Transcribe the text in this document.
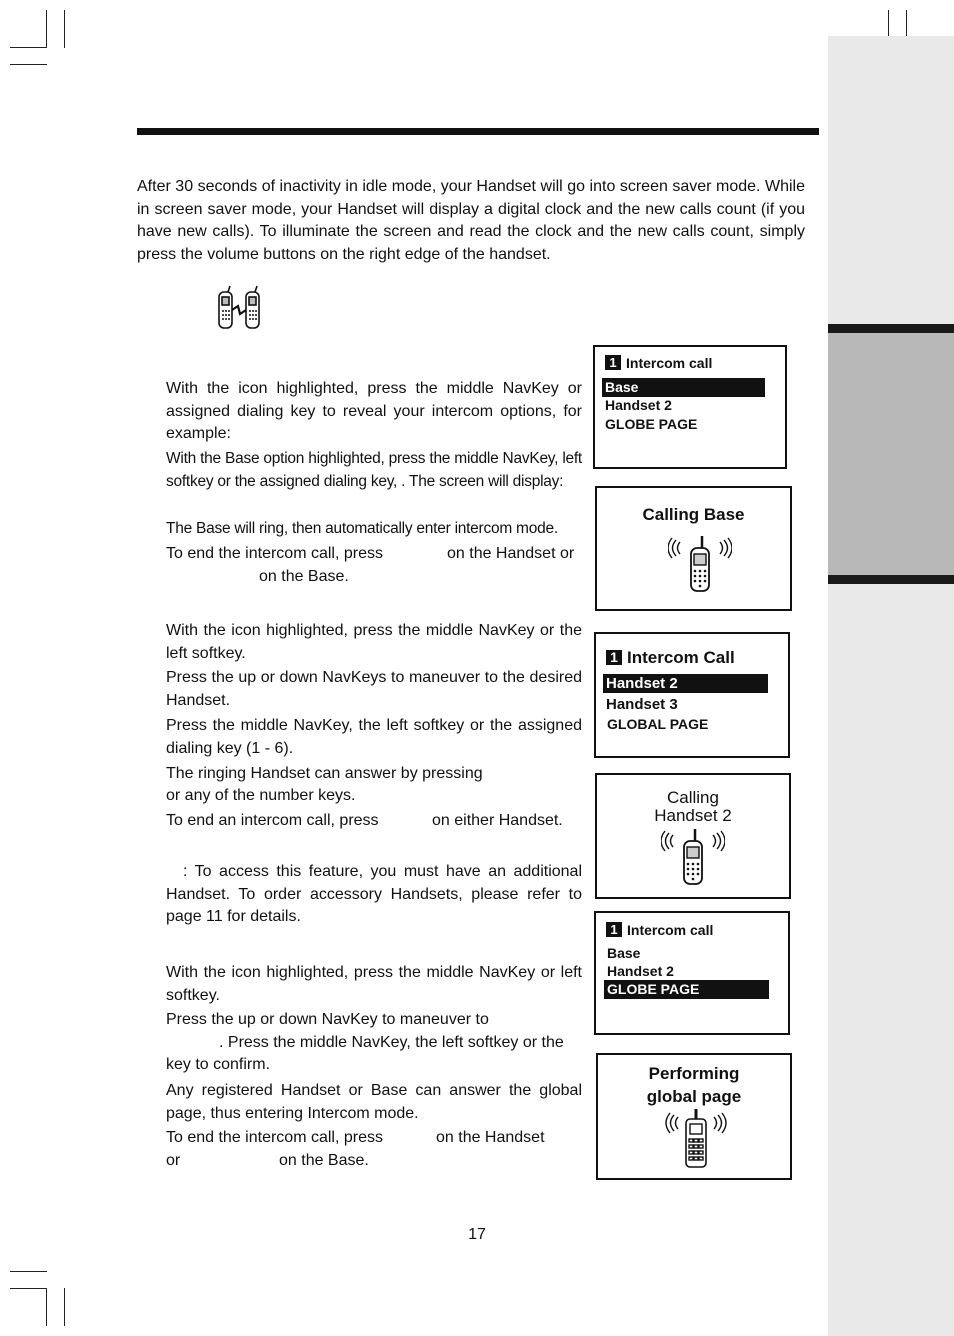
After 30 seconds of inactivity in idle mode, your Handset will go into screen saver mode. While in screen saver mode, your Handset will display a digital clock and the new calls count (if you have new calls). To illuminate the screen and read the clock and the new calls count, simply press the volume buttons on the right edge of the handset.

With the icon highlighted, press the middle NavKey or assigned dialing key to reveal your intercom options, for example:

With the Base option highlighted, press the middle NavKey, left softkey or the assigned dialing key, . The screen will display:

The Base will ring, then automatically enter intercom mode.

To end the intercom call, press	on the Handset or
on the Base.

With the icon highlighted, press the middle NavKey or the left softkey.

Press the up or down NavKeys to maneuver to the desired Handset.

Press the middle NavKey, the left softkey or the assigned dialing key (1 - 6).

The ringing Handset can answer by pressing
or any of the number keys.
To end an intercom call, press	on either Handset.

: To access this feature, you must have an additional Handset. To order accessory Handsets, please refer to page 11 for details.

With the icon highlighted, press the middle NavKey or left softkey.

Press the up or down NavKey to maneuver to
. Press the middle NavKey, the left softkey or the
key to confirm.

Any registered Handset or Base can answer the global page, thus entering Intercom mode.

To end the intercom call, press	on the Handset
or	on the Base.
1 Intercom call
Base
Handset 2
GLOBE PAGE
Calling Base
1 Intercom Call
Handset 2
Handset 3
GLOBAL PAGE
Calling
Handset 2
1 Intercom call
Base
Handset 2
GLOBE PAGE
Performing
global page
17
